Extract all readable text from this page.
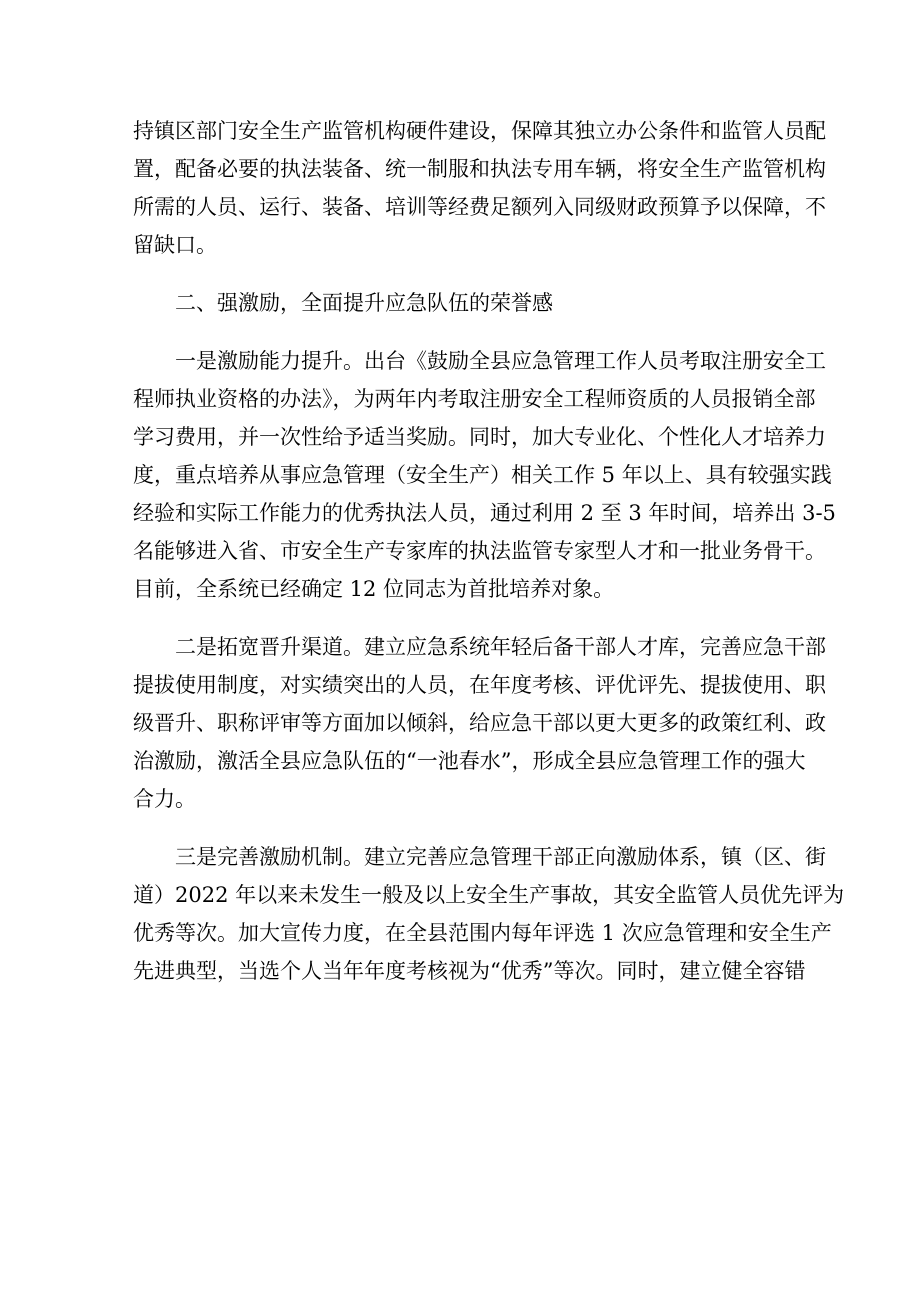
持镇区部门安全生产监管机构硬件建设，保障其独立办公条件和监管人员配
置，配备必要的执法装备、统一制服和执法专用车辆，将安全生产监管机构
所需的人员、运行、装备、培训等经费足额列入同级财政预算予以保障，不
留缺口。
二、强激励，全面提升应急队伍的荣誉感
一是激励能力提升。出台《鼓励全县应急管理工作人员考取注册安全工
程师执业资格的办法》，为两年内考取注册安全工程师资质的人员报销全部
学习费用，并一次性给予适当奖励。同时，加大专业化、个性化人才培养力
度，重点培养从事应急管理（安全生产）相关工作 5 年以上、具有较强实践
经验和实际工作能力的优秀执法人员，通过利用 2 至 3 年时间，培养出 3-5
名能够进入省、市安全生产专家库的执法监管专家型人才和一批业务骨干。
目前，全系统已经确定 12 位同志为首批培养对象。
二是拓宽晋升渠道。建立应急系统年轻后备干部人才库，完善应急干部
提拔使用制度，对实绩突出的人员，在年度考核、评优评先、提拔使用、职
级晋升、职称评审等方面加以倾斜，给应急干部以更大更多的政策红利、政
治激励，激活全县应急队伍的“一池春水”，形成全县应急管理工作的强大
合力。
三是完善激励机制。建立完善应急管理干部正向激励体系，镇（区、街
道）2022 年以来未发生一般及以上安全生产事故，其安全监管人员优先评为
优秀等次。加大宣传力度，在全县范围内每年评选 1 次应急管理和安全生产
先进典型，当选个人当年年度考核视为“优秀”等次。同时，建立健全容错
